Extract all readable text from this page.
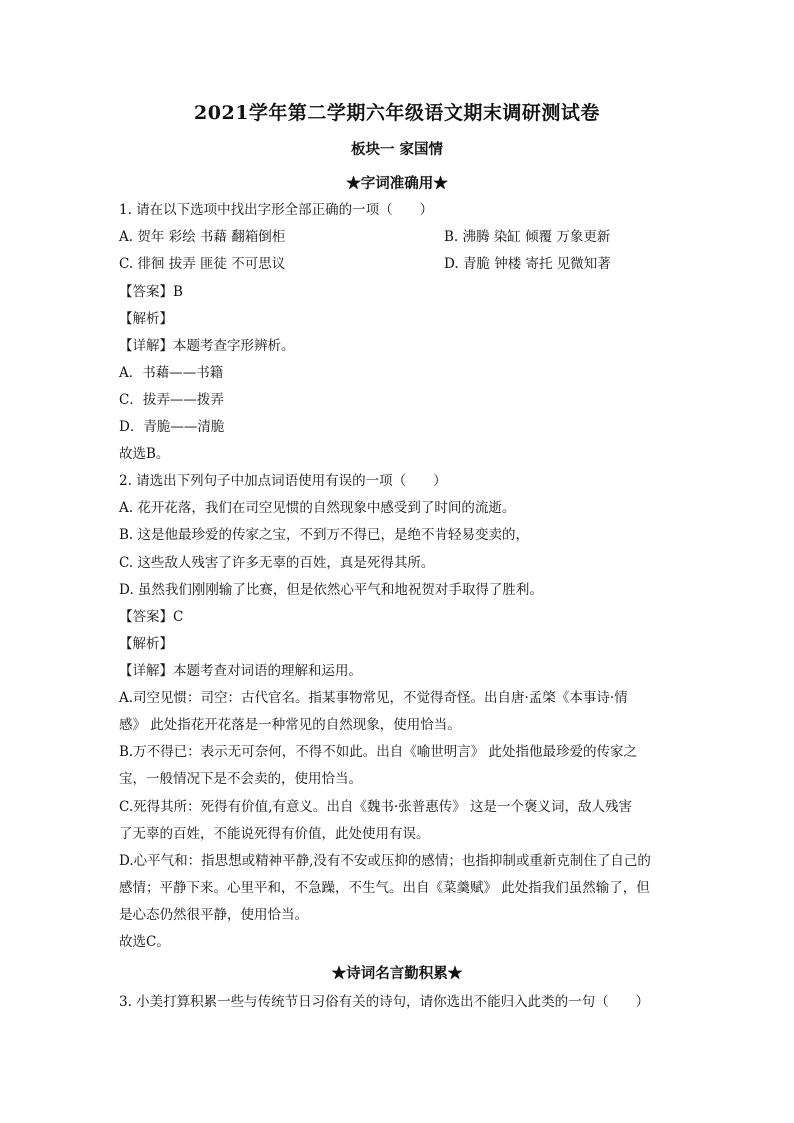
2021学年第二学期六年级语文期末调研测试卷
板块一 家国情
★字词准确用★
1. 请在以下选项中找出字形全部正确的一项（　　）
A. 贺年 彩绘 书藉 翻箱倒柜	B. 沸腾 染缸 倾覆 万象更新
C. 徘徊 拔弄 匪徒 不可思议	D. 青脆 钟楼 寄托 见微知著
【答案】B
【解析】
【详解】本题考查字形辨析。
A．书藉——书籍
C．拔弄——拨弄
D．青脆——清脆
故选B。
2. 请选出下列句子中加点词语使用有误的一项（　　）
A. 花开花落，我们在司空见惯的自然现象中感受到了时间的流逝。
B. 这是他最珍爱的传家之宝，不到万不得已，是绝不肯轻易变卖的，
C. 这些敌人残害了许多无辜的百姓，真是死得其所。
D. 虽然我们刚刚输了比赛，但是依然心平气和地祝贺对手取得了胜利。
【答案】C
【解析】
【详解】本题考查对词语的理解和运用。
A.司空见惯：司空：古代官名。指某事物常见，不觉得奇怪。出自唐·孟棨《本事诗·情
感》 此处指花开花落是一种常见的自然现象，使用恰当。
B.万不得已：表示无可奈何，不得不如此。出自《喻世明言》 此处指他最珍爱的传家之
宝，一般情况下是不会卖的，使用恰当。
C.死得其所：死得有价值,有意义。出自《魏书·张普惠传》 这是一个褒义词，敌人残害
了无辜的百姓，不能说死得有价值，此处使用有误。
D.心平气和：指思想或精神平静,没有不安或压抑的感情；也指抑制或重新克制住了自己的
感情；平静下来。心里平和，不急躁，不生气。出自《菜羹赋》 此处指我们虽然输了，但
是心态仍然很平静，使用恰当。
故选C。
★诗词名言勤积累★
3. 小美打算积累一些与传统节日习俗有关的诗句，请你选出不能归入此类的一句（　　）
